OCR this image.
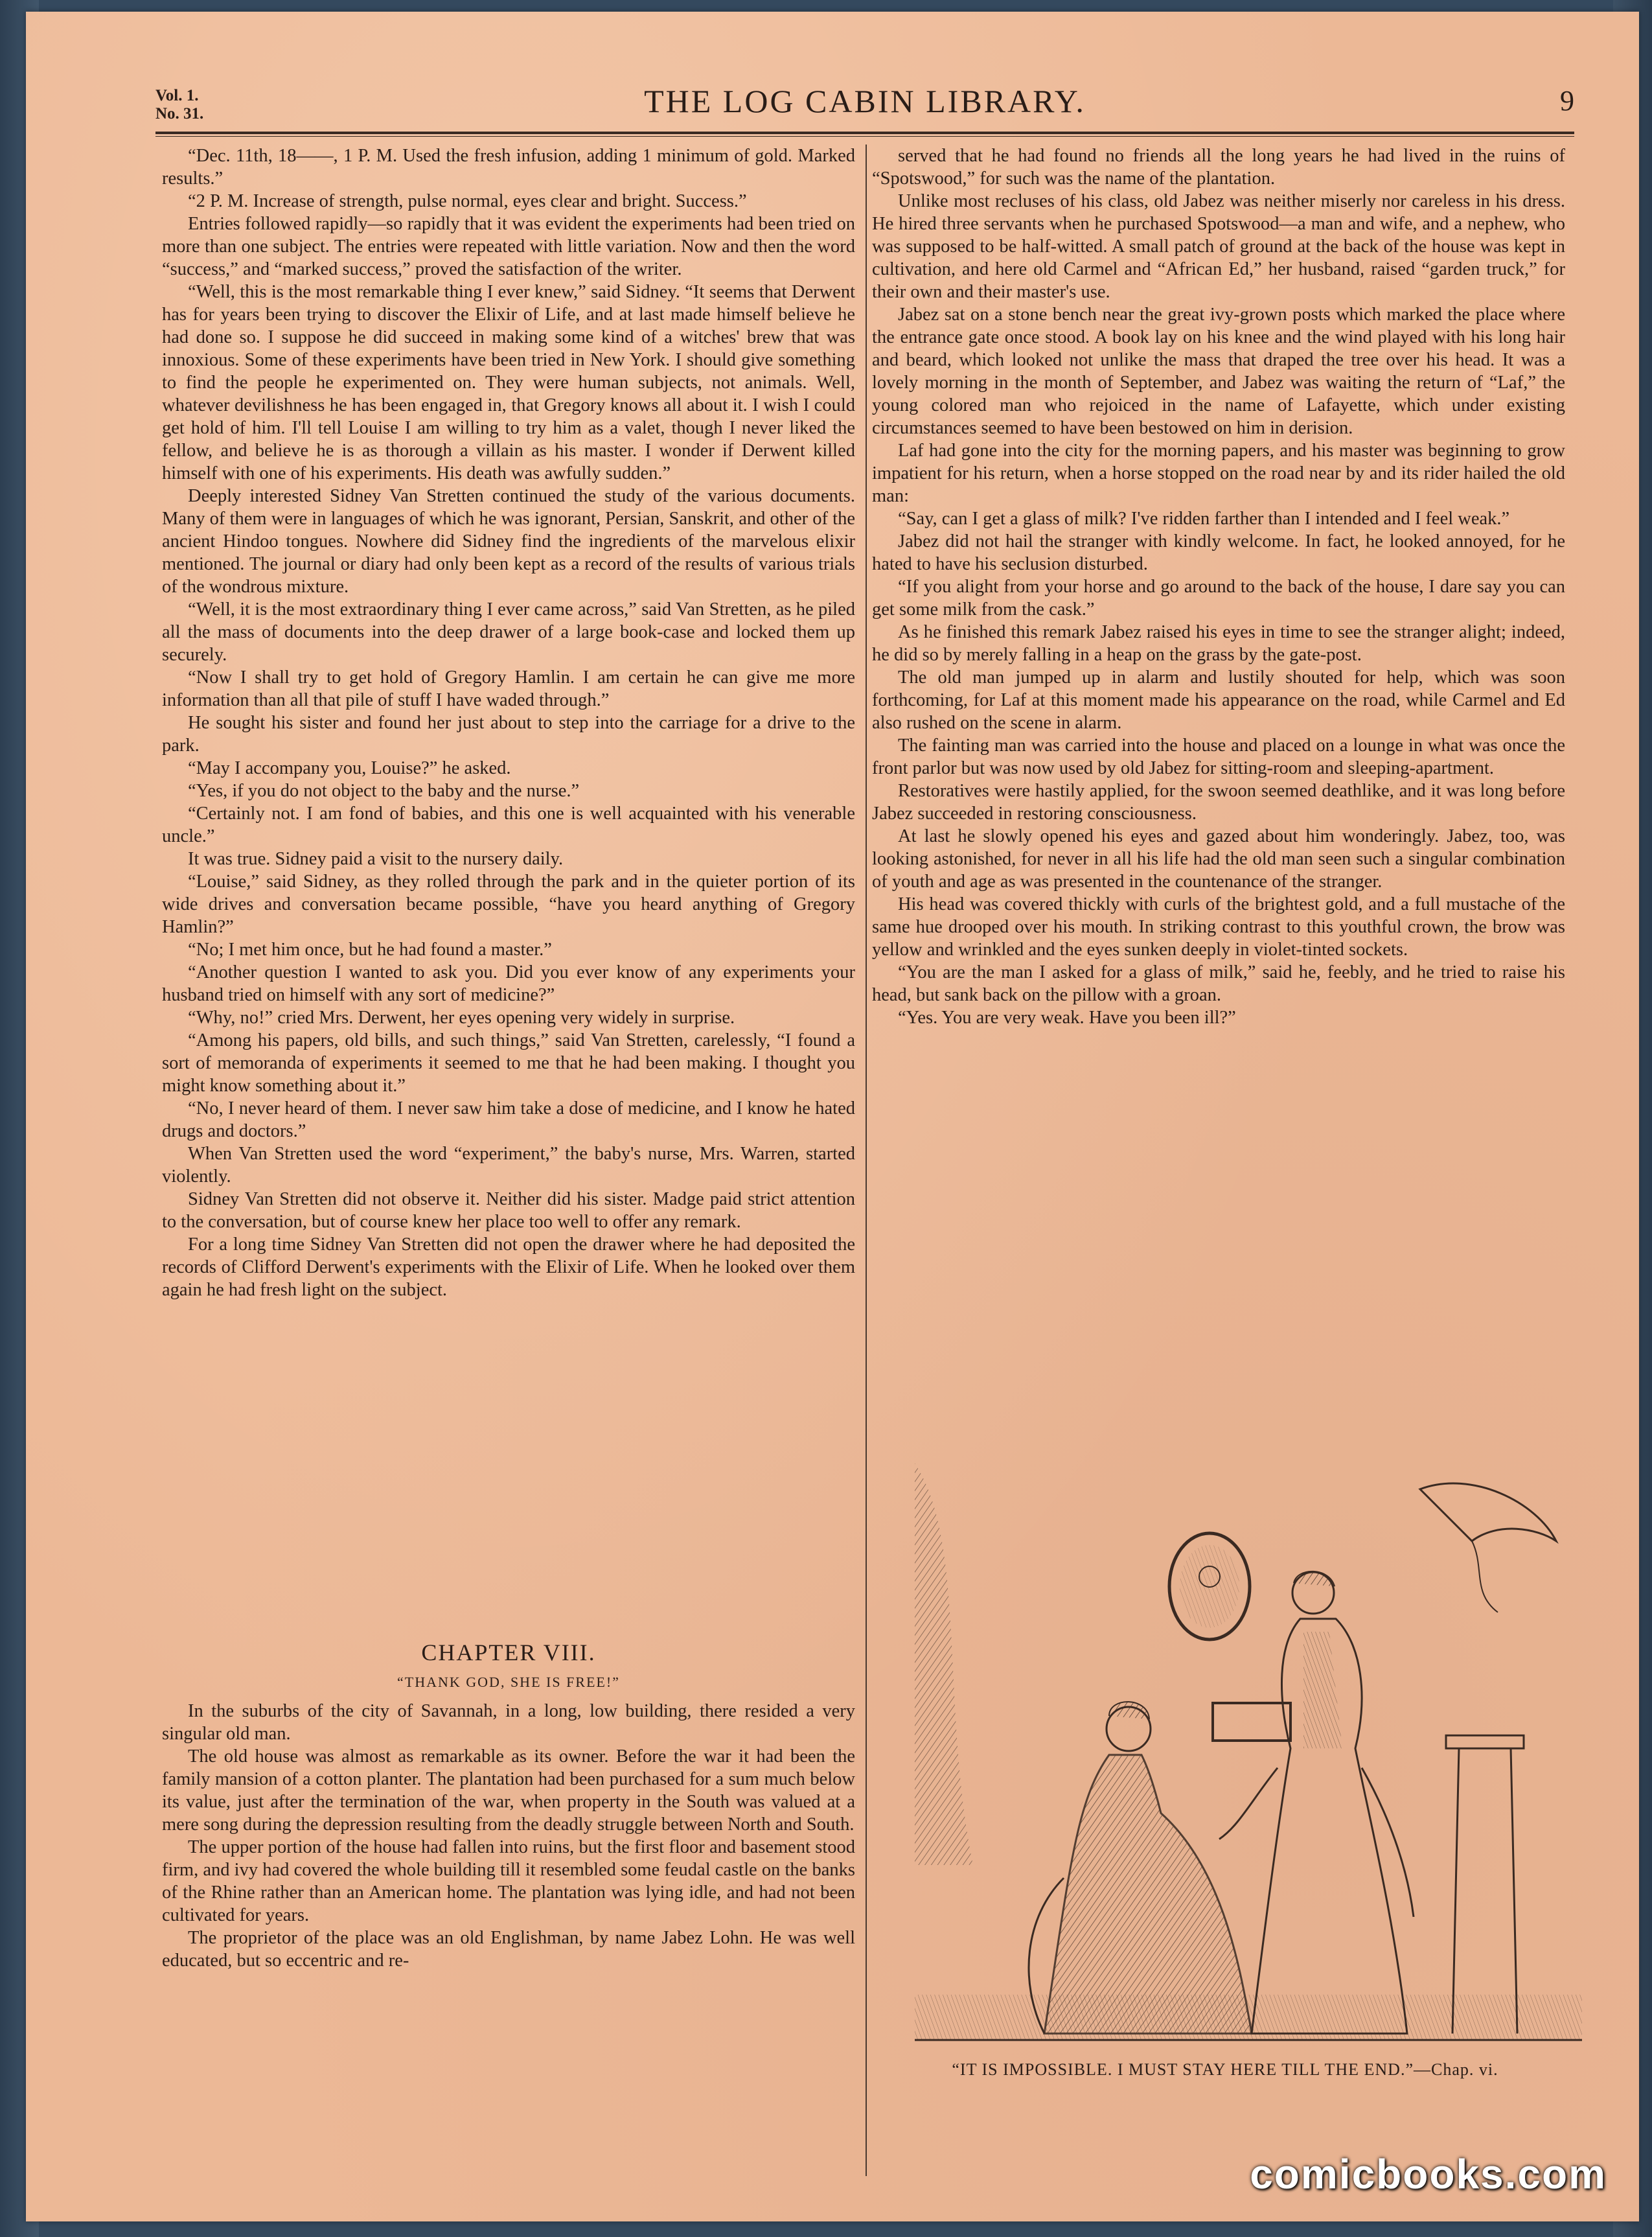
Vol. 1.
No. 31.	THE LOG CABIN LIBRARY.	9

“Dec. 11th, 18——, 1 P. M. Used the fresh infusion, adding 1 minimum of gold. Marked results.”

“2 P. M. Increase of strength, pulse normal, eyes clear and bright. Success.”

Entries followed rapidly—so rapidly that it was evident the experiments had been tried on more than one subject. The entries were repeated with little variation. Now and then the word “success,” and “marked success,” proved the satisfaction of the writer.

“Well, this is the most remarkable thing I ever knew,” said Sidney. “It seems that Derwent has for years been trying to discover the Elixir of Life, and at last made himself believe he had done so. I suppose he did succeed in making some kind of a witches' brew that was innoxious. Some of these experiments have been tried in New York. I should give something to find the people he experimented on. They were human subjects, not animals. Well, whatever devilishness he has been engaged in, that Gregory knows all about it. I wish I could get hold of him. I'll tell Louise I am willing to try him as a valet, though I never liked the fellow, and believe he is as thorough a villain as his master. I wonder if Derwent killed himself with one of his experiments. His death was awfully sudden.”

Deeply interested Sidney Van Stretten continued the study of the various documents. Many of them were in languages of which he was ignorant, Persian, Sanskrit, and other of the ancient Hindoo tongues. Nowhere did Sidney find the ingredients of the marvelous elixir mentioned. The journal or diary had only been kept as a record of the results of various trials of the wondrous mixture.

“Well, it is the most extraordinary thing I ever came across,” said Van Stretten, as he piled all the mass of documents into the deep drawer of a large book-case and locked them up securely.

“Now I shall try to get hold of Gregory Hamlin. I am certain he can give me more information than all that pile of stuff I have waded through.”

He sought his sister and found her just about to step into the carriage for a drive to the park.

“May I accompany you, Louise?” he asked.

“Yes, if you do not object to the baby and the nurse.”

“Certainly not. I am fond of babies, and this one is well acquainted with his venerable uncle.”

It was true. Sidney paid a visit to the nursery daily.

“Louise,” said Sidney, as they rolled through the park and in the quieter portion of its wide drives and conversation became possible, “have you heard anything of Gregory Hamlin?”

“No; I met him once, but he had found a master.”

“Another question I wanted to ask you. Did you ever know of any experiments your husband tried on himself with any sort of medicine?”

“Why, no!” cried Mrs. Derwent, her eyes opening very widely in surprise.

“Among his papers, old bills, and such things,” said Van Stretten, carelessly, “I found a sort of memoranda of experiments it seemed to me that he had been making. I thought you might know something about it.”

“No, I never heard of them. I never saw him take a dose of medicine, and I know he hated drugs and doctors.”

When Van Stretten used the word “experiment,” the baby's nurse, Mrs. Warren, started violently.

Sidney Van Stretten did not observe it. Neither did his sister. Madge paid strict attention to the conversation, but of course knew her place too well to offer any remark.

For a long time Sidney Van Stretten did not open the drawer where he had deposited the records of Clifford Derwent's experiments with the Elixir of Life. When he looked over them again he had fresh light on the subject.

CHAPTER VIII.
“THANK GOD, SHE IS FREE!”

In the suburbs of the city of Savannah, in a long, low building, there resided a very singular old man.

The old house was almost as remarkable as its owner. Before the war it had been the family mansion of a cotton planter. The plantation had been purchased for a sum much below its value, just after the termination of the war, when property in the South was valued at a mere song during the depression resulting from the deadly struggle between North and South.

The upper portion of the house had fallen into ruins, but the first floor and basement stood firm, and ivy had covered the whole building till it resembled some feudal castle on the banks of the Rhine rather than an American home. The plantation was lying idle, and had not been cultivated for years.

The proprietor of the place was an old Englishman, by name Jabez Lohn. He was well educated, but so eccentric and re-

served that he had found no friends all the long years he had lived in the ruins of “Spotswood,” for such was the name of the plantation.

Unlike most recluses of his class, old Jabez was neither miserly nor careless in his dress. He hired three servants when he purchased Spotswood—a man and wife, and a nephew, who was supposed to be half-witted. A small patch of ground at the back of the house was kept in cultivation, and here old Carmel and “African Ed,” her husband, raised “garden truck,” for their own and their master's use.

Jabez sat on a stone bench near the great ivy-grown posts which marked the place where the entrance gate once stood. A book lay on his knee and the wind played with his long hair and beard, which looked not unlike the mass that draped the tree over his head. It was a lovely morning in the month of September, and Jabez was waiting the return of “Laf,” the young colored man who rejoiced in the name of Lafayette, which under existing circumstances seemed to have been bestowed on him in derision.

Laf had gone into the city for the morning papers, and his master was beginning to grow impatient for his return, when a horse stopped on the road near by and its rider hailed the old man:

“Say, can I get a glass of milk? I've ridden farther than I intended and I feel weak.”

Jabez did not hail the stranger with kindly welcome. In fact, he looked annoyed, for he hated to have his seclusion disturbed.

“If you alight from your horse and go around to the back of the house, I dare say you can get some milk from the cask.”

As he finished this remark Jabez raised his eyes in time to see the stranger alight; indeed, he did so by merely falling in a heap on the grass by the gate-post.

The old man jumped up in alarm and lustily shouted for help, which was soon forthcoming, for Laf at this moment made his appearance on the road, while Carmel and Ed also rushed on the scene in alarm.

The fainting man was carried into the house and placed on a lounge in what was once the front parlor but was now used by old Jabez for sitting-room and sleeping-apartment.

Restoratives were hastily applied, for the swoon seemed deathlike, and it was long before Jabez succeeded in restoring consciousness.

At last he slowly opened his eyes and gazed about him wonderingly. Jabez, too, was looking astonished, for never in all his life had the old man seen such a singular combination of youth and age as was presented in the countenance of the stranger.

His head was covered thickly with curls of the brightest gold, and a full mustache of the same hue drooped over his mouth. In striking contrast to this youthful crown, the brow was yellow and wrinkled and the eyes sunken deeply in violet-tinted sockets.

“You are the man I asked for a glass of milk,” said he, feebly, and he tried to raise his head, but sank back on the pillow with a groan.

“Yes. You are very weak. Have you been ill?”

“IT IS IMPOSSIBLE. I MUST STAY HERE TILL THE END.”—Chap. vi.
comicbooks.com
